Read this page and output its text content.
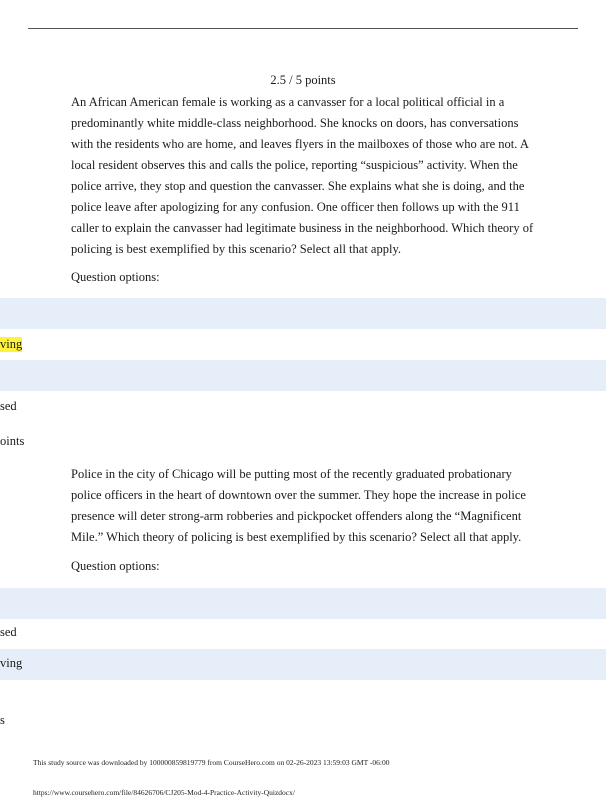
2.5 / 5 points

An African American female is working as a canvasser for a local political official in a predominantly white middle-class neighborhood. She knocks on doors, has conversations with the residents who are home, and leaves flyers in the mailboxes of those who are not. A local resident observes this and calls the police, reporting “suspicious” activity. When the police arrive, they stop and question the canvasser. She explains what she is doing, and the police leave after apologizing for any confusion. One officer then follows up with the 911 caller to explain the canvasser had legitimate business in the neighborhood. Which theory of policing is best exemplified by this scenario? Select all that apply.

Question options:
ving
sed
oints

Police in the city of Chicago will be putting most of the recently graduated probationary police officers in the heart of downtown over the summer. They hope the increase in police presence will deter strong-arm robberies and pickpocket offenders along the “Magnificent Mile.” Which theory of policing is best exemplified by this scenario? Select all that apply.

Question options:
sed
ving
s
This study source was downloaded by 100000859819779 from CourseHero.com on 02-26-2023 13:59:03 GMT -06:00
https://www.coursehero.com/file/84626706/CJ205-Mod-4-Practice-Activity-Quizdocx/
